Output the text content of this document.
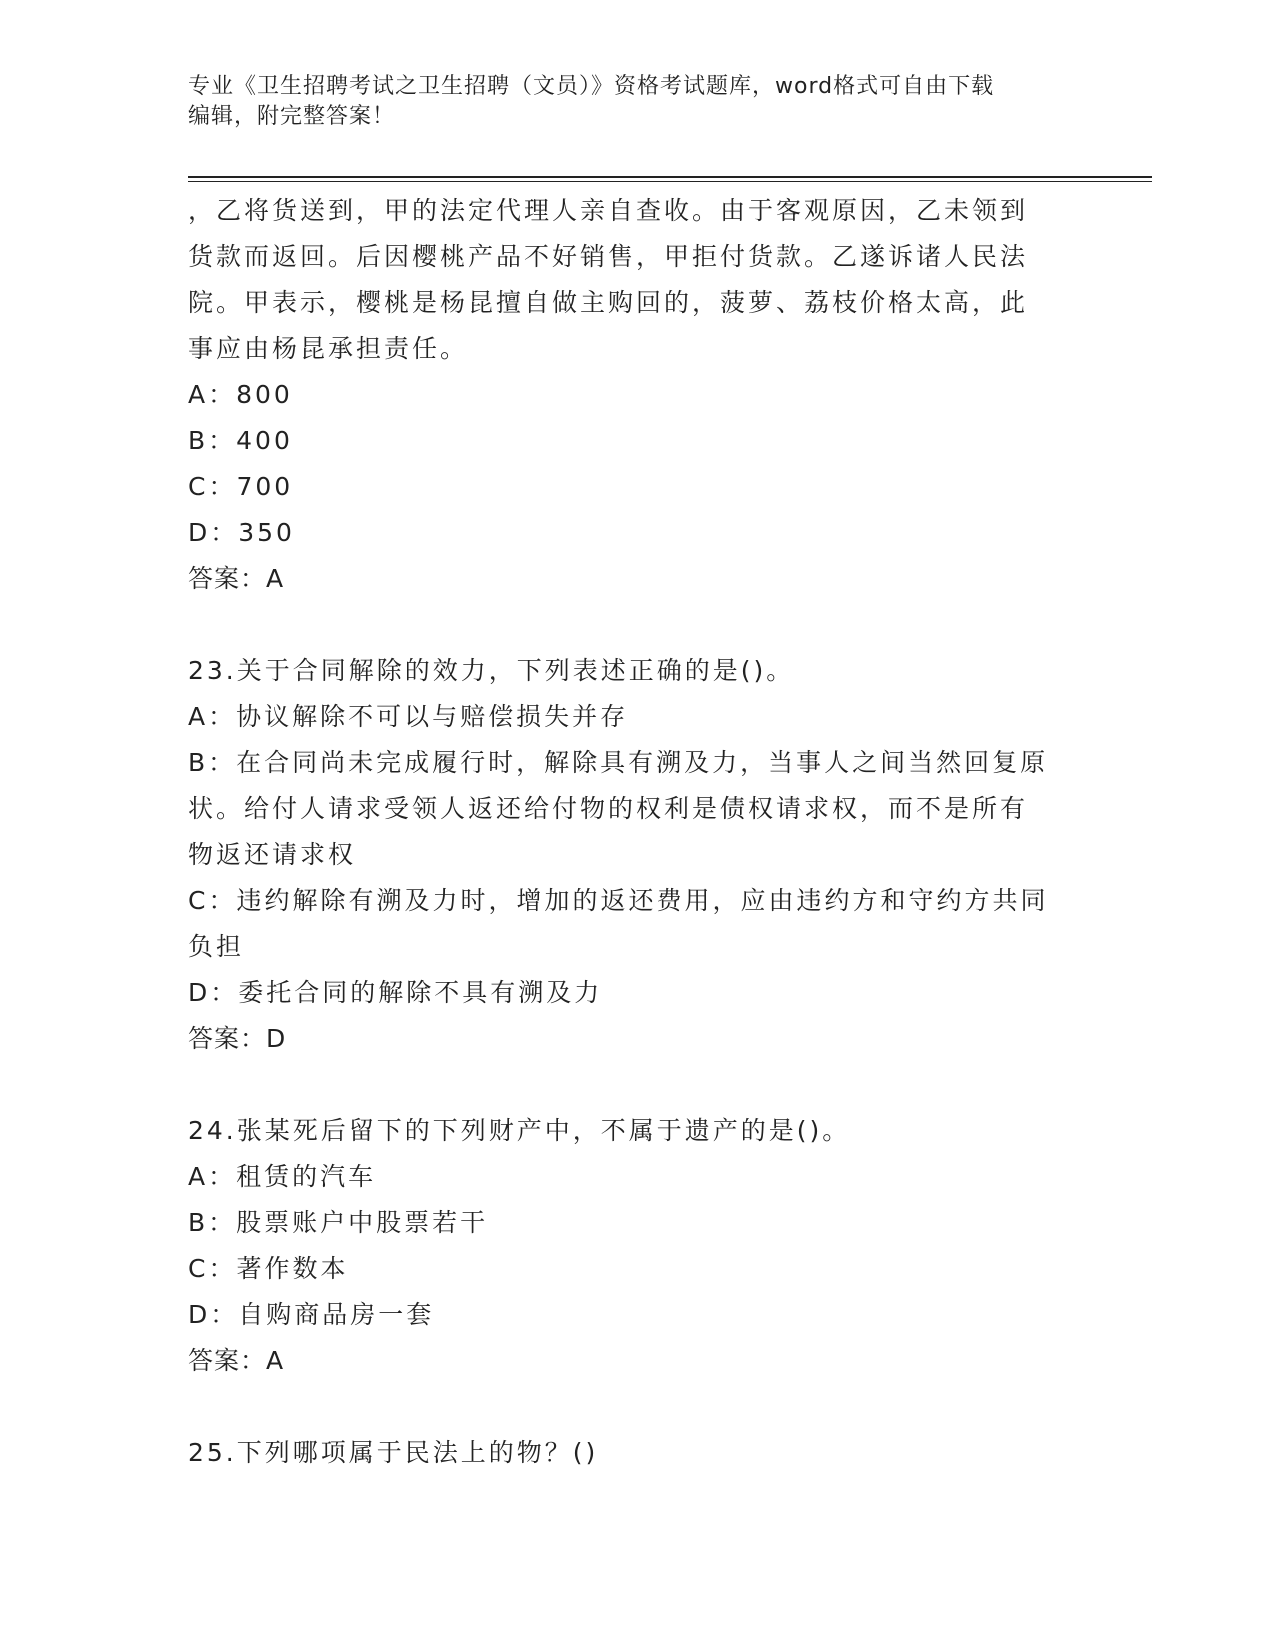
专业《卫生招聘考试之卫生招聘（文员）》资格考试题库，word格式可自由下载
编辑，附完整答案！
，乙将货送到，甲的法定代理人亲自查收。由于客观原因，乙未领到
货款而返回。后因樱桃产品不好销售，甲拒付货款。乙遂诉诸人民法
院。甲表示，樱桃是杨昆擅自做主购回的，菠萝、荔枝价格太高，此
事应由杨昆承担责任。
A：800
B：400
C：700
D：350
答案：A
23.关于合同解除的效力，下列表述正确的是()。
A：协议解除不可以与赔偿损失并存
B：在合同尚未完成履行时，解除具有溯及力，当事人之间当然回复原
状。给付人请求受领人返还给付物的权利是债权请求权，而不是所有
物返还请求权
C：违约解除有溯及力时，增加的返还费用，应由违约方和守约方共同
负担
D：委托合同的解除不具有溯及力
答案：D
24.张某死后留下的下列财产中，不属于遗产的是()。
A：租赁的汽车
B：股票账户中股票若干
C：著作数本
D：自购商品房一套
答案：A
25.下列哪项属于民法上的物？()
